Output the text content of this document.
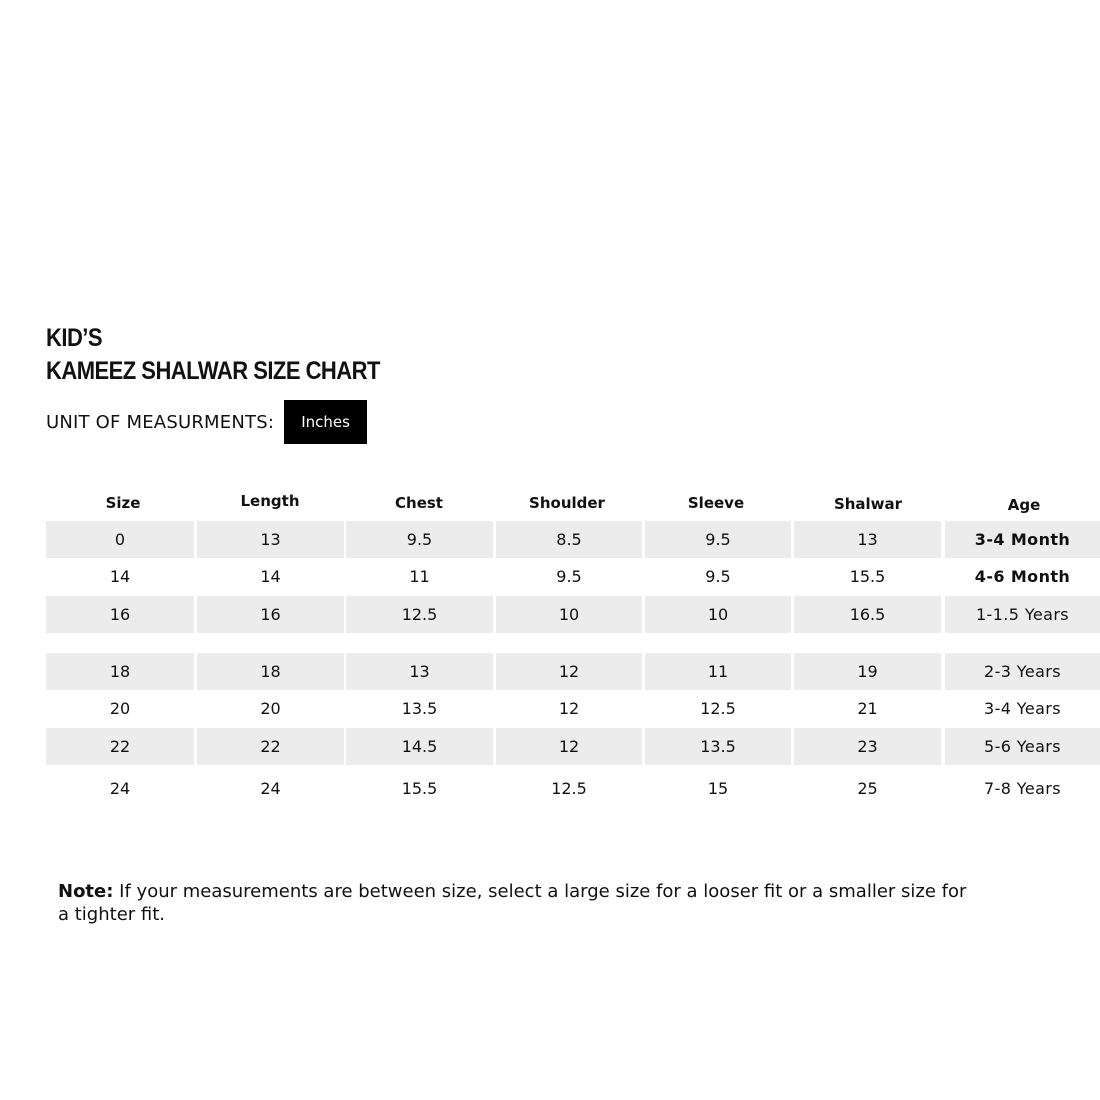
KID’S
KAMEEZ SHALWAR SIZE CHART
UNIT OF MEASURMENTS:	Inches
Size	Length	Chest	Shoulder	Sleeve	Shalwar	Age
0	13	9.5	8.5	9.5	13	3-4 Month
14	14	11	9.5	9.5	15.5	4-6 Month
16	16	12.5	10	10	16.5	1-1.5 Years
18	18	13	12	11	19	2-3 Years
20	20	13.5	12	12.5	21	3-4 Years
22	22	14.5	12	13.5	23	5-6 Years
24	24	15.5	12.5	15	25	7-8 Years
Note: If your measurements are between size, select a large size for a looser fit or a smaller size for a tighter fit.
